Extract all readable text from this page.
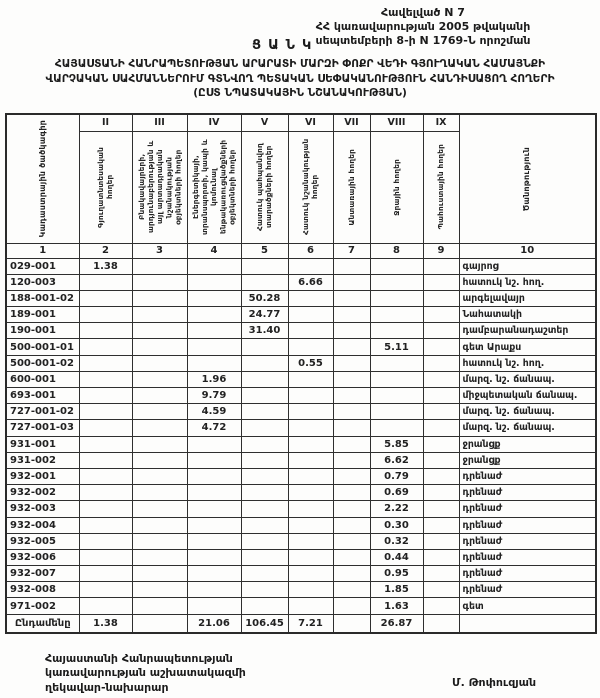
Հավելված N 7
ՀՀ կառավարության 2005 թվականի
սեպտեմբերի 8-ի N 1769-Ն որոշման
ՑԱՆԿ
ՀԱՅԱՍՏԱՆԻ ՀԱՆՐԱՊԵՏՈՒԹՅԱՆ ԱՐԱՐԱՏԻ ՄԱՐԶԻ ՓՈՔՐ ՎԵԴԻ ԳՅՈՒՂԱԿԱՆ ՀԱՄԱՅՆՔԻ
ՎԱՐՉԱԿԱՆ ՍԱՀՄԱՆՆԵՐՈՒՄ ԳՏՆՎՈՂ ՊԵՏԱԿԱՆ ՍԵՓԱԿԱՆՈՒԹՅՈՒՆ ՀԱՆԴԻՍԱՑՈՂ ՀՈՂԵՐԻ
(ԸՍՏ ՆՊԱՏԱԿԱՅԻՆ ՆՇԱՆԱԿՈՒԹՅԱՆ)
Կադաստրային ծածկագիր	II	III	IV	V	VI	VII	VIII	IX	Ծանոթություն

	Գյուղատնտեսական հողեր	Բնակավայրերի, արդյունաբերության և այլ արտադրական նշանակության օբյեկտների հողեր	Էներգետիկայի, տրանսպորտի, կապի և կոմունալ ենթակառուցվածքների օբյեկտների հողեր	Հատուկ պահպանվող տարածքների հողեր	Հատուկ նշանակության հողեր	Անտառային հողեր	Ջրային հողեր	Պահուստային հողեր	

1	2	3	4	5	6	7	8	9	10
029-001	1.38								գայրոց
120-003					6.66				հատուկ նշ. հող.
188-001-02				50.28					արգելավայր
189-001				24.77					Նահատակի
190-001				31.40					դամբարանադաշտեր
500-001-01							5.11		գետ Արաքս
500-001-02					0.55				հատուկ նշ. հող.
600-001			1.96						մարզ. նշ. ճանապ.
693-001			9.79						միջպետական ճանապ.
727-001-02			4.59						մարզ. նշ. ճանապ.
727-001-03			4.72						մարզ. նշ. ճանապ.
931-001							5.85		ջրանցք
931-002							6.62		ջրանցք
932-001							0.79		դրենաժ
932-002							0.69		դրենաժ
932-003							2.22		դրենաժ
932-004							0.30		դրենաժ
932-005							0.32		դրենաժ
932-006							0.44		դրենաժ
932-007							0.95		դրենաժ
932-008							1.85		դրենաժ
971-002							1.63		գետ
Ընդամենը	1.38		21.06	106.45	7.21		26.87		
Հայաստանի Հանրապետության
կառավարության աշխատակազմի
ղեկավար-նախարար	Մ. Թոփուզյան
